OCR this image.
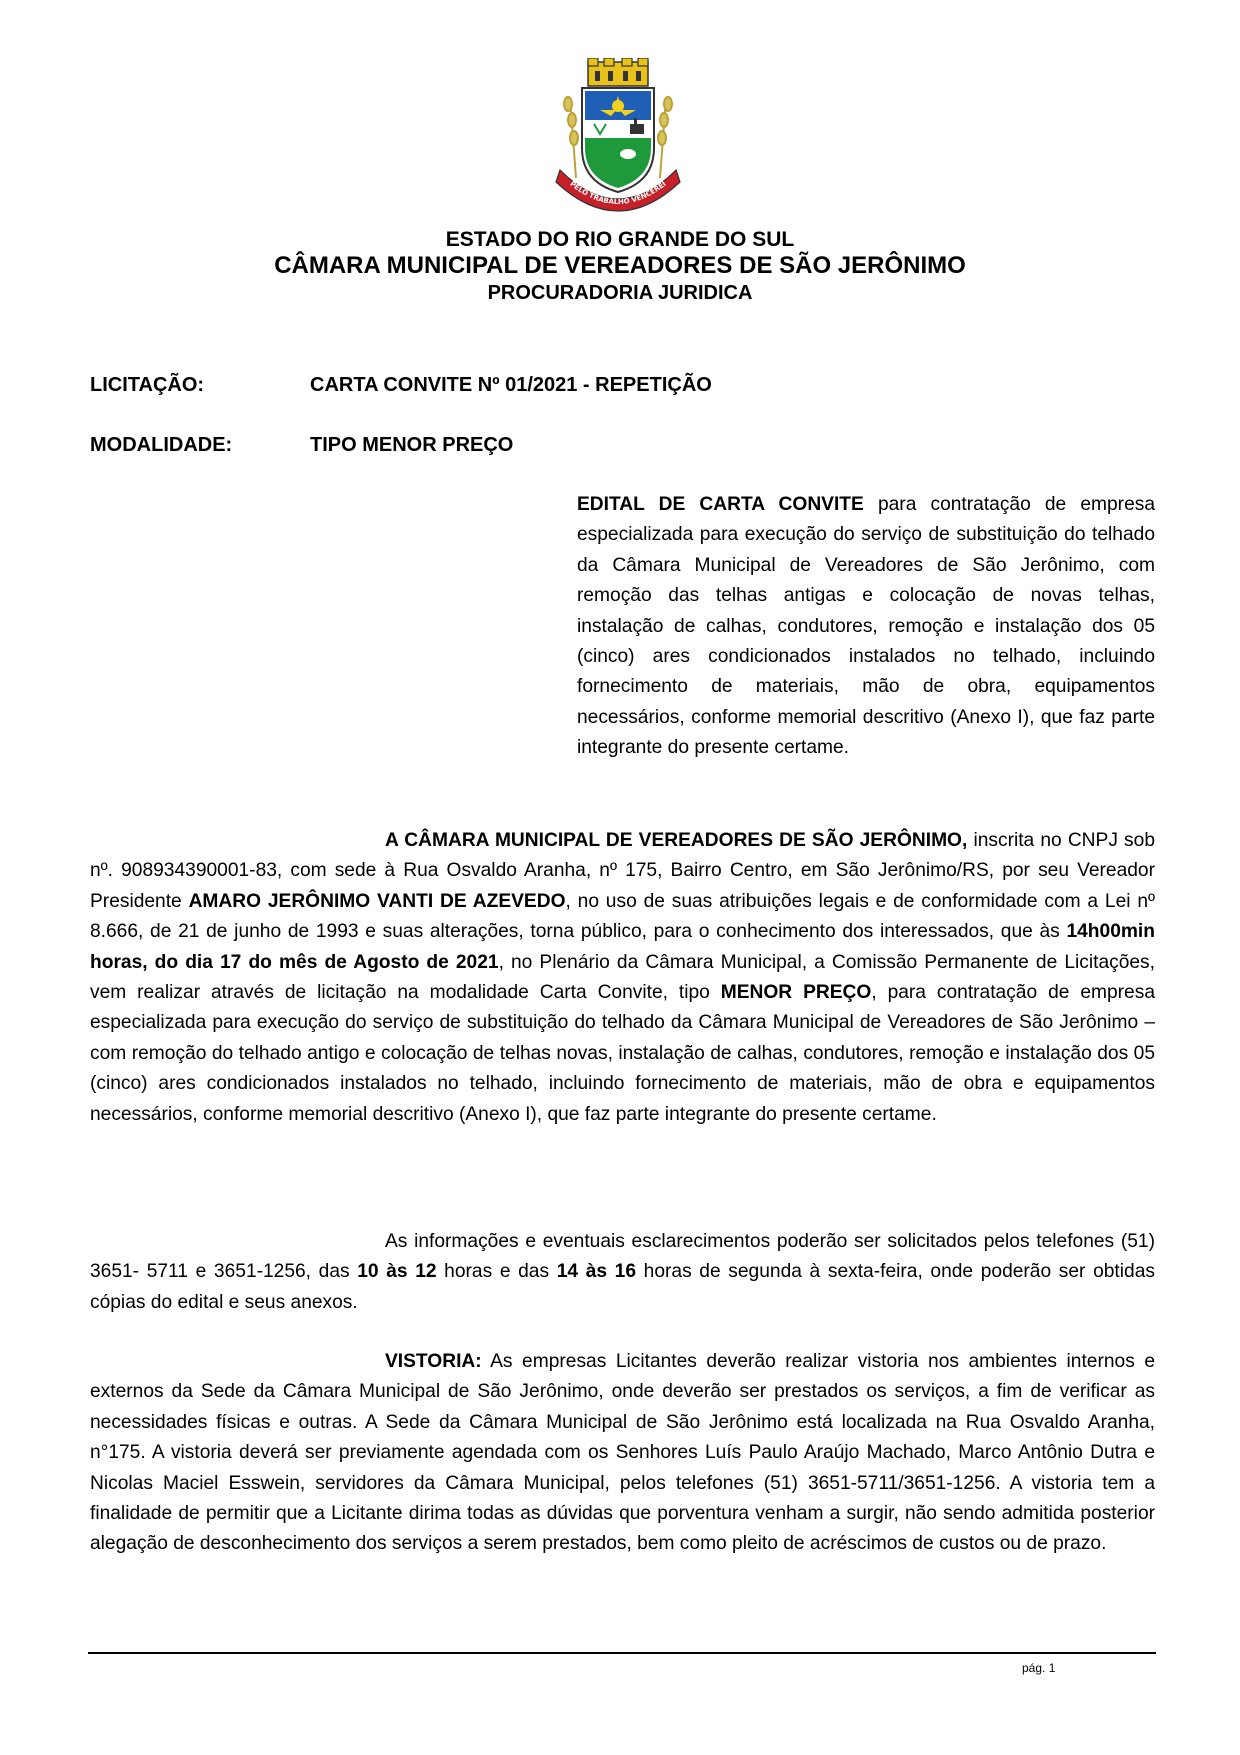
PELO TRABALHO VENCEREI
ESTADO DO RIO GRANDE DO SUL
CÂMARA MUNICIPAL DE VEREADORES DE SÃO JERÔNIMO
PROCURADORIA JURIDICA
LICITAÇÃO:	CARTA CONVITE Nº 01/2021 - REPETIÇÃO
MODALIDADE:	TIPO MENOR PREÇO
EDITAL DE CARTA CONVITE para contratação de empresa especializada para execução do serviço de substituição do telhado da Câmara Municipal de Vereadores de São Jerônimo, com remoção das telhas antigas e colocação de novas telhas, instalação de calhas, condutores, remoção e instalação dos 05 (cinco) ares condicionados instalados no telhado, incluindo fornecimento de materiais, mão de obra, equipamentos necessários, conforme memorial descritivo (Anexo I), que faz parte integrante do presente certame.
A CÂMARA MUNICIPAL DE VEREADORES DE SÃO JERÔNIMO, inscrita no CNPJ sob nº. 908934390001-83, com sede à Rua Osvaldo Aranha, nº 175, Bairro Centro, em São Jerônimo/RS, por seu Vereador Presidente AMARO JERÔNIMO VANTI DE AZEVEDO, no uso de suas atribuições legais e de conformidade com a Lei nº 8.666, de 21 de junho de 1993 e suas alterações, torna público, para o conhecimento dos interessados, que às 14h00min horas, do dia 17 do mês de Agosto de 2021, no Plenário da Câmara Municipal, a Comissão Permanente de Licitações, vem realizar através de licitação na modalidade Carta Convite, tipo MENOR PREÇO, para contratação de empresa especializada para execução do serviço de substituição do telhado da Câmara Municipal de Vereadores de São Jerônimo – com remoção do telhado antigo e colocação de telhas novas, instalação de calhas, condutores, remoção e instalação dos 05 (cinco) ares condicionados instalados no telhado, incluindo fornecimento de materiais, mão de obra e equipamentos necessários, conforme memorial descritivo (Anexo I), que faz parte integrante do presente certame.
As informações e eventuais esclarecimentos poderão ser solicitados pelos telefones (51) 3651- 5711 e 3651-1256, das 10 às 12 horas e das 14 às 16 horas de segunda à sexta-feira, onde poderão ser obtidas cópias do edital e seus anexos.
VISTORIA: As empresas Licitantes deverão realizar vistoria nos ambientes internos e externos da Sede da Câmara Municipal de São Jerônimo, onde deverão ser prestados os serviços, a fim de verificar as necessidades físicas e outras. A Sede da Câmara Municipal de São Jerônimo está localizada na Rua Osvaldo Aranha, n°175. A vistoria deverá ser previamente agendada com os Senhores Luís Paulo Araújo Machado, Marco Antônio Dutra e Nicolas Maciel Esswein, servidores da Câmara Municipal, pelos telefones (51) 3651-5711/3651-1256. A vistoria tem a finalidade de permitir que a Licitante dirima todas as dúvidas que porventura venham a surgir, não sendo admitida posterior alegação de desconhecimento dos serviços a serem prestados, bem como pleito de acréscimos de custos ou de prazo.
pág. 1
